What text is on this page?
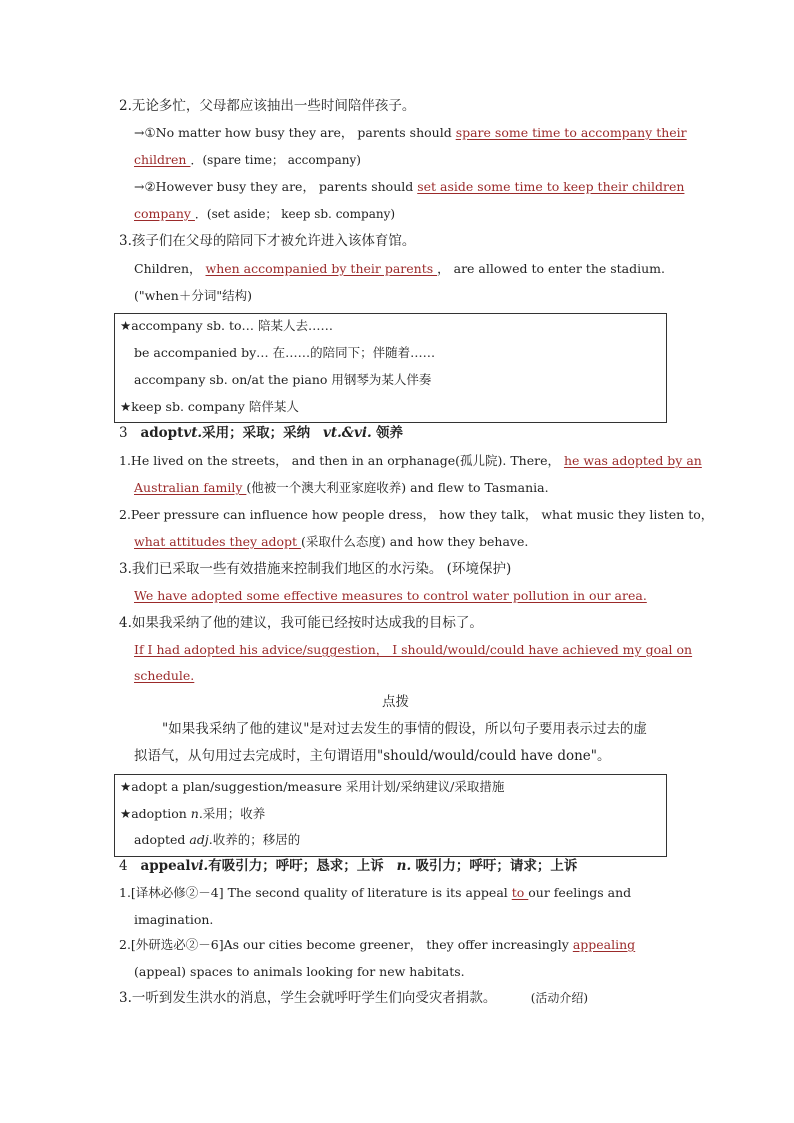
2.无论多忙，父母都应该抽出一些时间陪伴孩子。
→①No matter how busy they are， parents should spare some time to accompany their
children ．(spare time； accompany)
→②However busy they are， parents should set aside some time to keep their children
company ．(set aside； keep sb. company)
3.孩子们在父母的陪同下才被允许进入该体育馆。
Children， when accompanied by their parents ， are allowed to enter the stadium.
("when＋分词"结构)
★accompany sb. to… 陪某人去……
be accompanied by… 在……的陪同下；伴随着……
accompany sb. on/at the piano 用钢琴为某人伴奏
★keep sb. company 陪伴某人
3 adoptvt.采用；采取；采纳 vt.&vi. 领养
1.He lived on the streets， and then in an orphanage(孤儿院). There， he was adopted by an
Australian family (他被一个澳大利亚家庭收养) and flew to Tasmania.
2.Peer pressure can influence how people dress， how they talk， what music they listen to，
what attitudes they adopt (采取什么态度) and how they behave.
3.我们已采取一些有效措施来控制我们地区的水污染。 (环境保护)
We have adopted some effective measures to control water pollution in our area.
4.如果我采纳了他的建议，我可能已经按时达成我的目标了。
If I had adopted his advice/suggestion， I should/would/could have achieved my goal on
schedule.
点拨
"如果我采纳了他的建议"是对过去发生的事情的假设，所以句子要用表示过去的虚
拟语气，从句用过去完成时，主句谓语用"should/would/could have done"。
★adopt a plan/suggestion/measure 采用计划/采纳建议/采取措施
★adoption n.采用；收养
adopted adj.收养的；移居的
4 appealvi.有吸引力；呼吁；恳求；上诉 n. 吸引力；呼吁；请求；上诉
1.[译林必修②－4] The second quality of literature is its appeal to our feelings and
imagination.
2.[外研选必②－6]As our cities become greener， they offer increasingly appealing
(appeal) spaces to animals looking for new habitats.
3.一听到发生洪水的消息，学生会就呼吁学生们向受灾者捐款。	(活动介绍)
